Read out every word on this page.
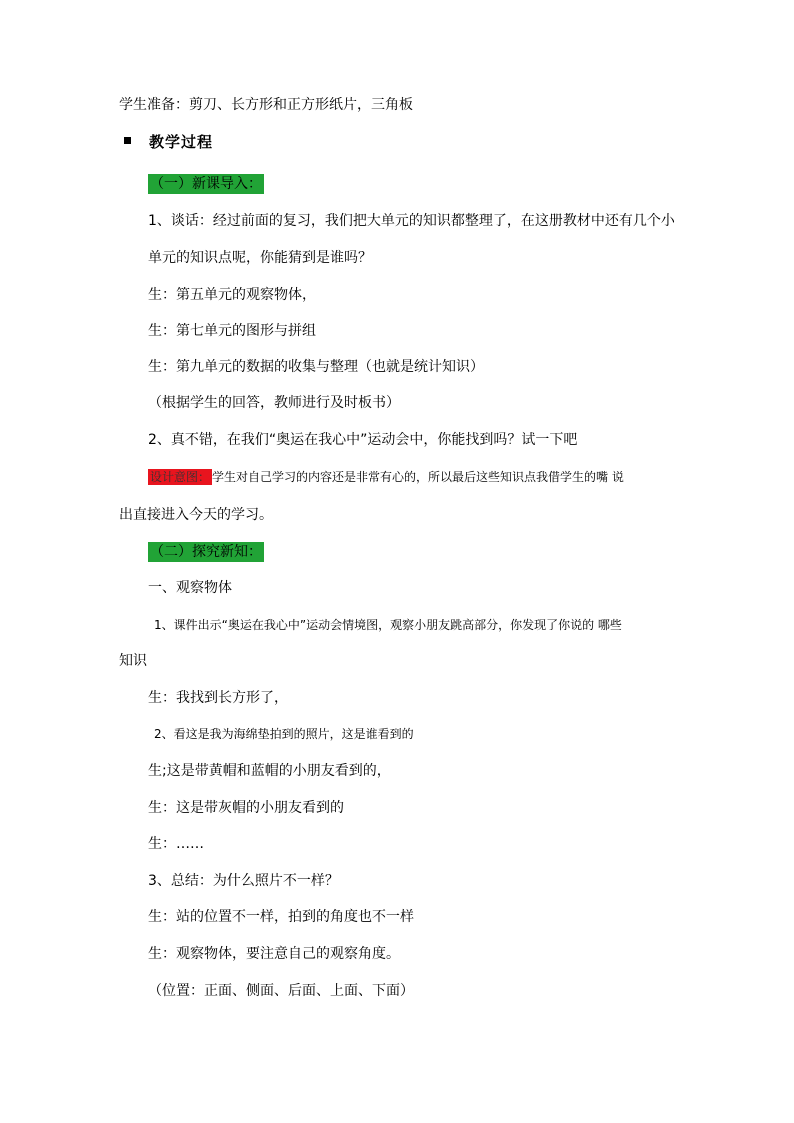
学生准备：剪刀、长方形和正方形纸片，三角板
教学过程
（一）新课导入：
1、谈话：经过前面的复习，我们把大单元的知识都整理了，在这册教材中还有几个小
单元的知识点呢，你能猜到是谁吗？
生：第五单元的观察物体，
生：第七单元的图形与拼组
生：第九单元的数据的收集与整理（也就是统计知识）
（根据学生的回答，教师进行及时板书）
2、真不错，在我们“奥运在我心中”运动会中，你能找到吗？试一下吧
设计意图： 学生对自己学习的内容还是非常有心的，所以最后这些知识点我借学生的嘴 说
出直接进入今天的学习。
（二）探究新知：
一、观察物体
1、课件出示“奥运在我心中”运动会情境图，观察小朋友跳高部分，你发现了你说的 哪些
知识
生：我找到长方形了，
2、看这是我为海绵垫拍到的照片，这是谁看到的
生;这是带黄帽和蓝帽的小朋友看到的，
生：这是带灰帽的小朋友看到的
生：……
3、总结：为什么照片不一样？
生：站的位置不一样，拍到的角度也不一样
生：观察物体，要注意自己的观察角度。
（位置：正面、侧面、后面、上面、下面）
